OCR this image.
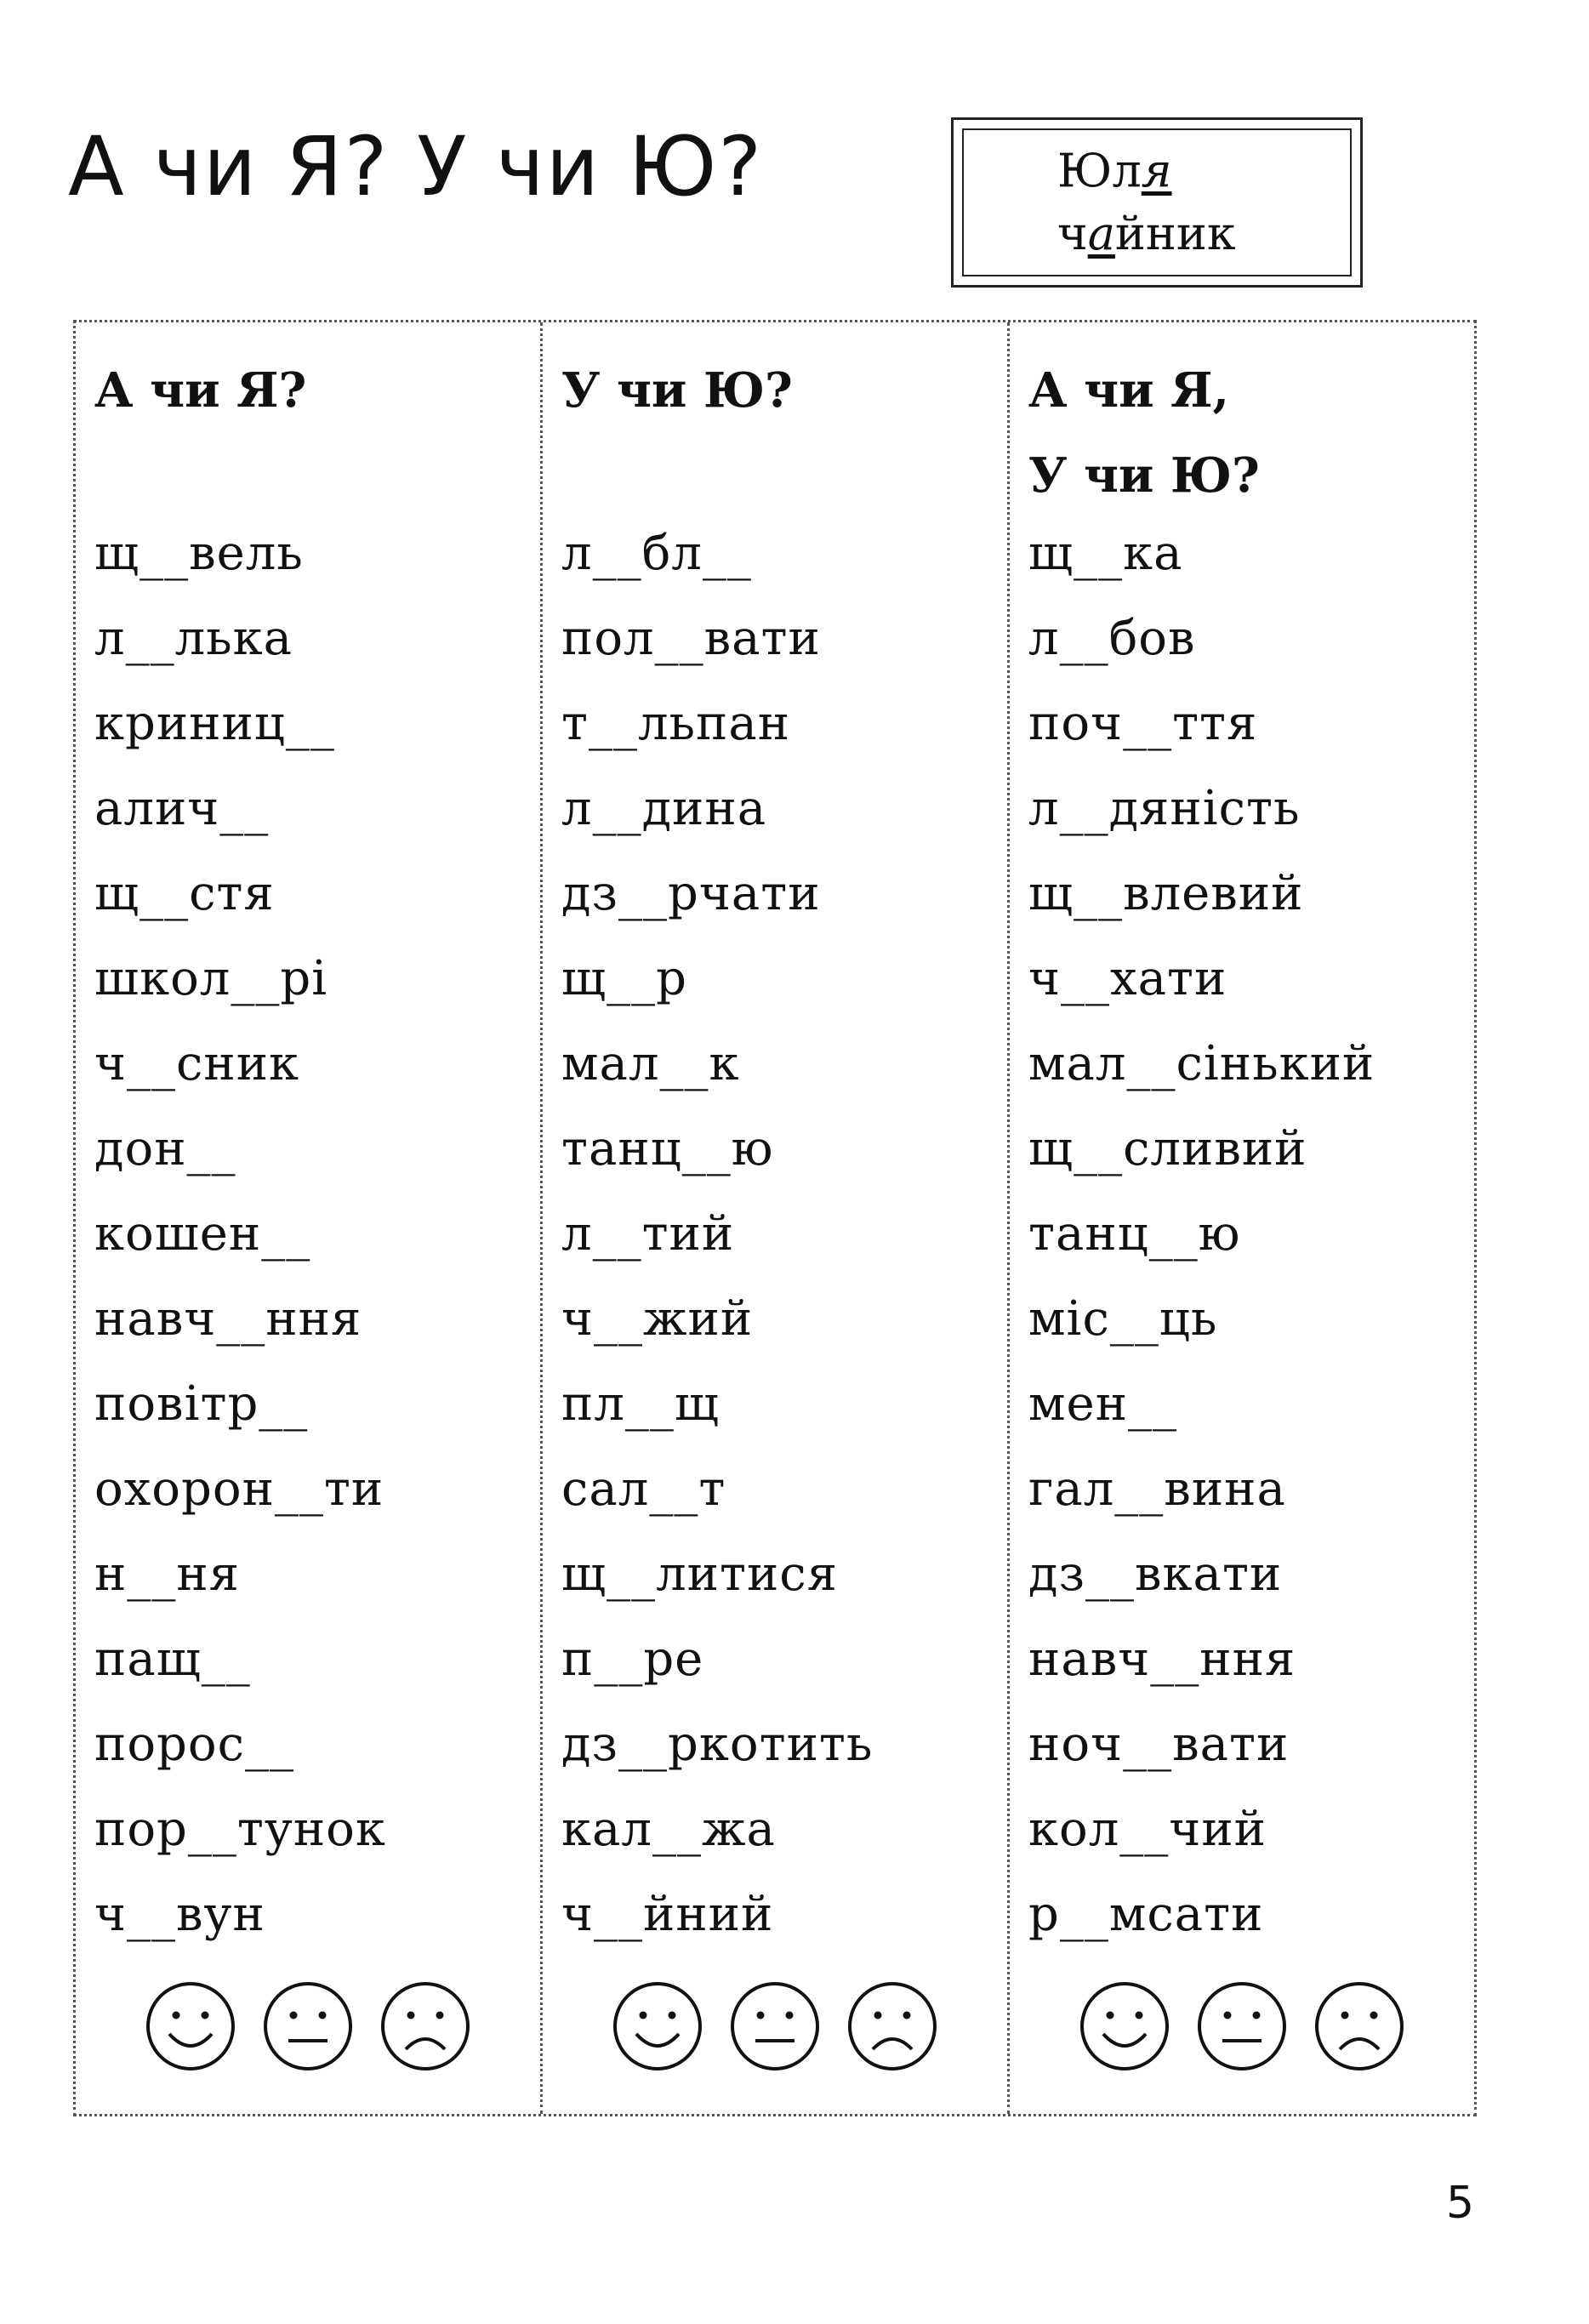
А чи Я? У чи Ю?	Юля
чайник
А чи Я?
щ__вель
л__лька
криниц__
алич__
щ__стя
школ__рі
ч__сник
дон__
кошен__
навч__ння
повітр__
охорон__ти
н__ня
пащ__
порос__
пор__тунок
ч__вун
У чи Ю?
л__бл__
пол__вати
т__льпан
л__дина
дз__рчати
щ__р
мал__к
танц__ю
л__тий
ч__жий
пл__щ
сал__т
щ__литися
п__ре
дз__ркотить
кал__жа
ч__йний
А чи Я,
У чи Ю?
щ__ка
л__бов
поч__ття
л__дяність
щ__влевий
ч__хати
мал__сінький
щ__сливий
танц__ю
міс__ць
мен__
гал__вина
дз__вкати
навч__ння
ноч__вати
кол__чий
р__мсати
5
